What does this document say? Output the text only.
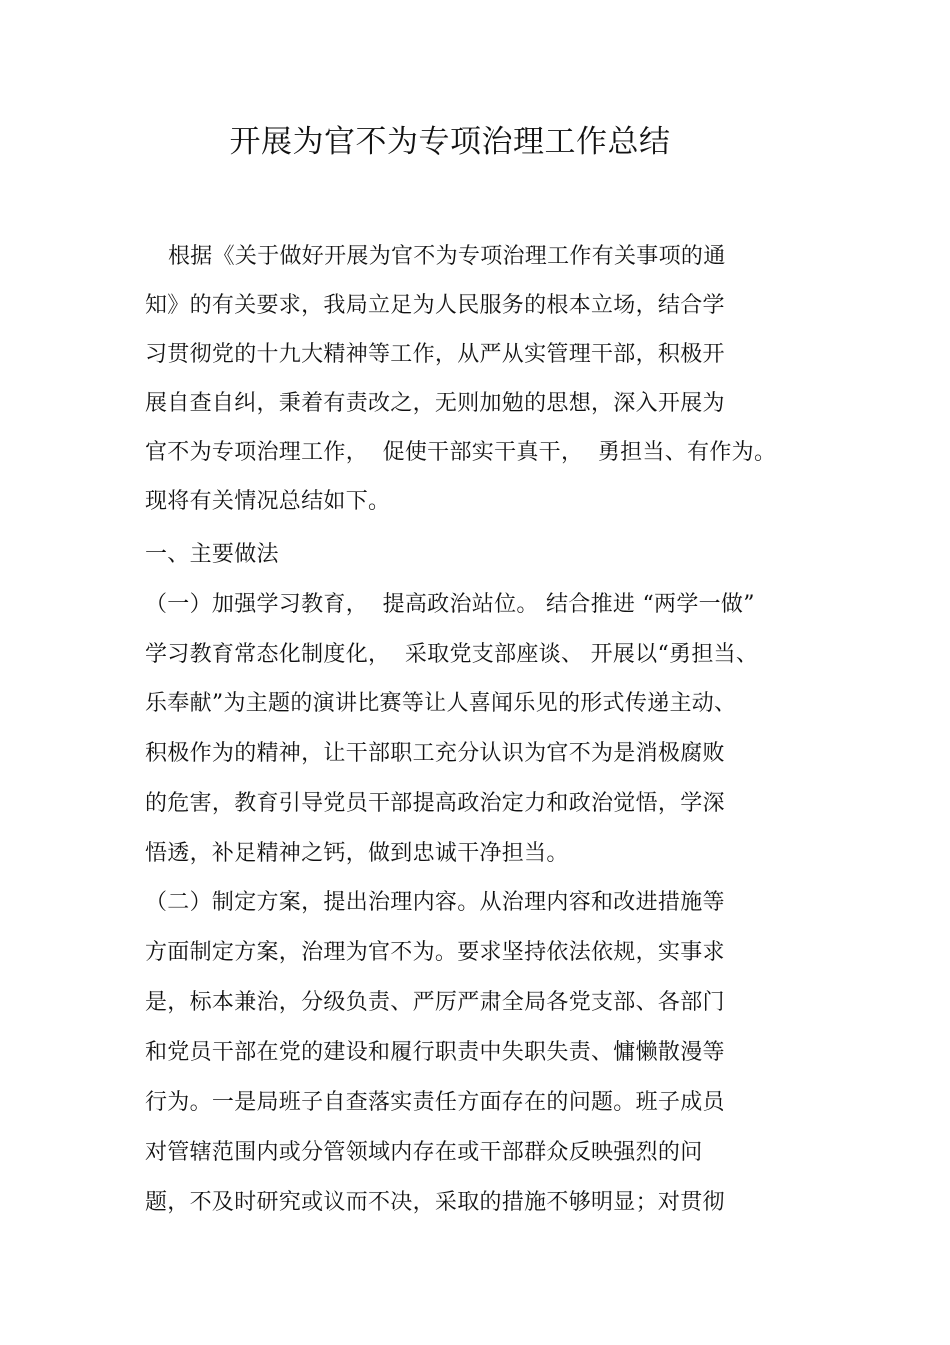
开展为官不为专项治理工作总结
根据《关于做好开展为官不为专项治理工作有关事项的通
知》的有关要求，我局立足为人民服务的根本立场，结合学
习贯彻党的十九大精神等工作，从严从实管理干部，积极开
展自查自纠，秉着有责改之，无则加勉的思想，深入开展为
官不为专项治理工作，  促使干部实干真干，  勇担当、有作为。
现将有关情况总结如下。
一、主要做法
（一）加强学习教育，  提高政治站位。 结合推进 “两学一做”
学习教育常态化制度化，  采取党支部座谈、 开展以“勇担当、
乐奉献”为主题的演讲比赛等让人喜闻乐见的形式传递主动、
积极作为的精神，让干部职工充分认识为官不为是消极腐败
的危害，教育引导党员干部提高政治定力和政治觉悟，学深
悟透，补足精神之钙，做到忠诚干净担当。
（二）制定方案，提出治理内容。从治理内容和改进措施等
方面制定方案，治理为官不为。要求坚持依法依规，实事求
是，标本兼治，分级负责、严厉严肃全局各党支部、各部门
和党员干部在党的建设和履行职责中失职失责、慵懒散漫等
行为。一是局班子自查落实责任方面存在的问题。班子成员
对管辖范围内或分管领域内存在或干部群众反映强烈的问
题，不及时研究或议而不决，采取的措施不够明显；对贯彻
